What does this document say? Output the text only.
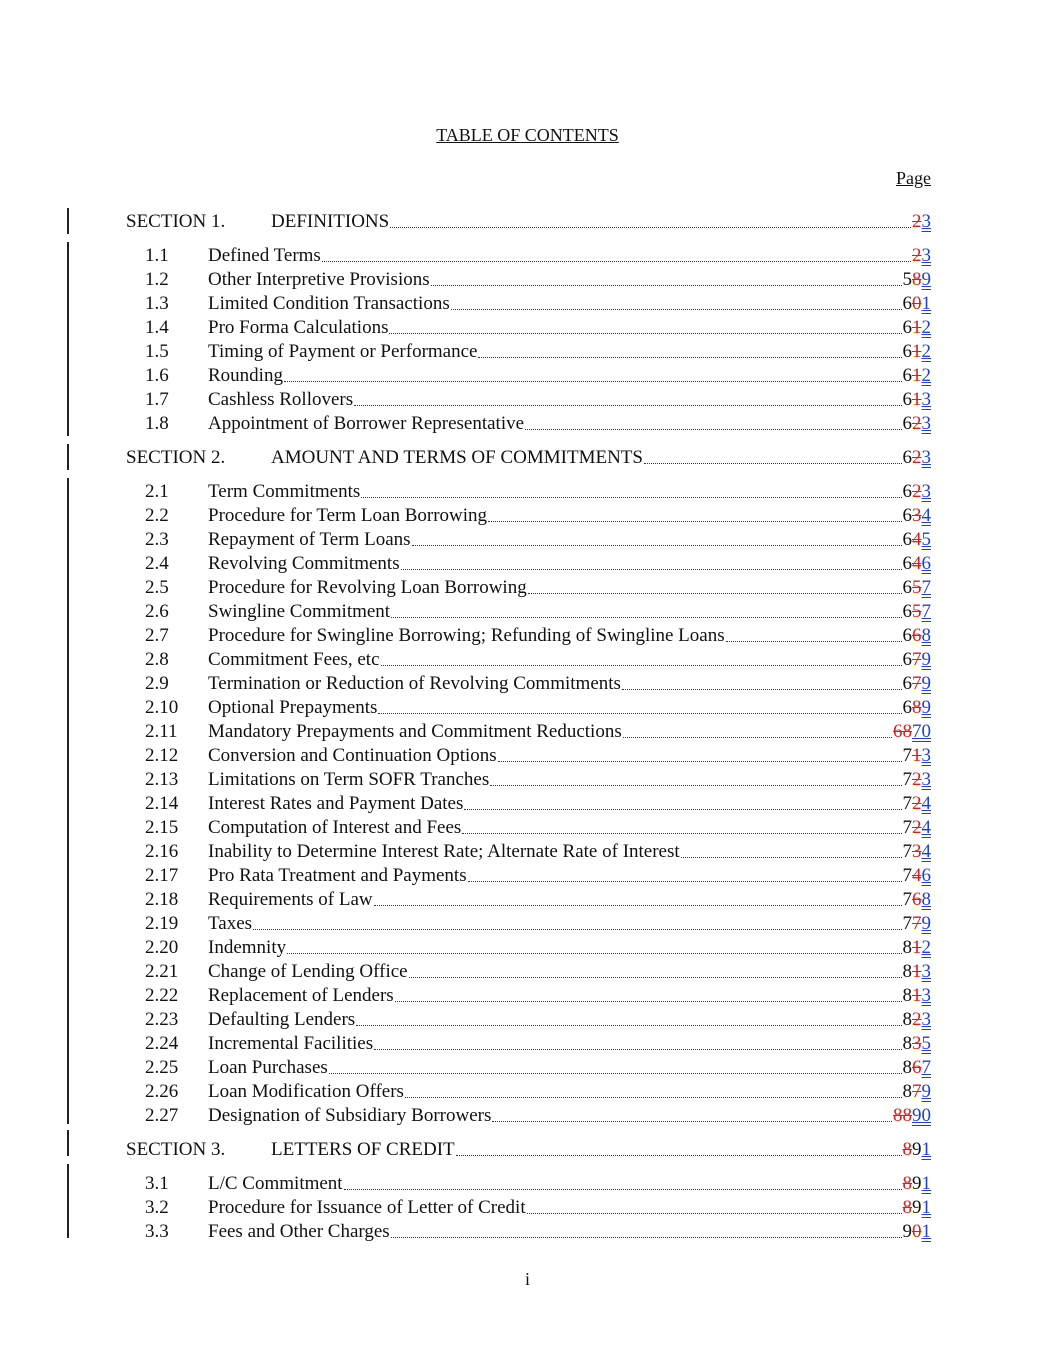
TABLE OF CONTENTS
Page
SECTION 1. DEFINITIONS	23
1.1 Defined Terms	23
1.2 Other Interpretive Provisions	589
1.3 Limited Condition Transactions	601
1.4 Pro Forma Calculations	612
1.5 Timing of Payment or Performance	612
1.6 Rounding	612
1.7 Cashless Rollovers	613
1.8 Appointment of Borrower Representative	623
SECTION 2. AMOUNT AND TERMS OF COMMITMENTS	623
2.1 Term Commitments	623
2.2 Procedure for Term Loan Borrowing	634
2.3 Repayment of Term Loans	645
2.4 Revolving Commitments	646
2.5 Procedure for Revolving Loan Borrowing	657
2.6 Swingline Commitment	657
2.7 Procedure for Swingline Borrowing; Refunding of Swingline Loans	668
2.8 Commitment Fees, etc	679
2.9 Termination or Reduction of Revolving Commitments	679
2.10 Optional Prepayments	689
2.11 Mandatory Prepayments and Commitment Reductions	6870
2.12 Conversion and Continuation Options	713
2.13 Limitations on Term SOFR Tranches	723
2.14 Interest Rates and Payment Dates	724
2.15 Computation of Interest and Fees	724
2.16 Inability to Determine Interest Rate; Alternate Rate of Interest	734
2.17 Pro Rata Treatment and Payments	746
2.18 Requirements of Law	768
2.19 Taxes	779
2.20 Indemnity	812
2.21 Change of Lending Office	813
2.22 Replacement of Lenders	813
2.23 Defaulting Lenders	823
2.24 Incremental Facilities	835
2.25 Loan Purchases	867
2.26 Loan Modification Offers	879
2.27 Designation of Subsidiary Borrowers	8890
SECTION 3. LETTERS OF CREDIT	891
3.1 L/C Commitment	891
3.2 Procedure for Issuance of Letter of Credit	891
3.3 Fees and Other Charges	901
i
